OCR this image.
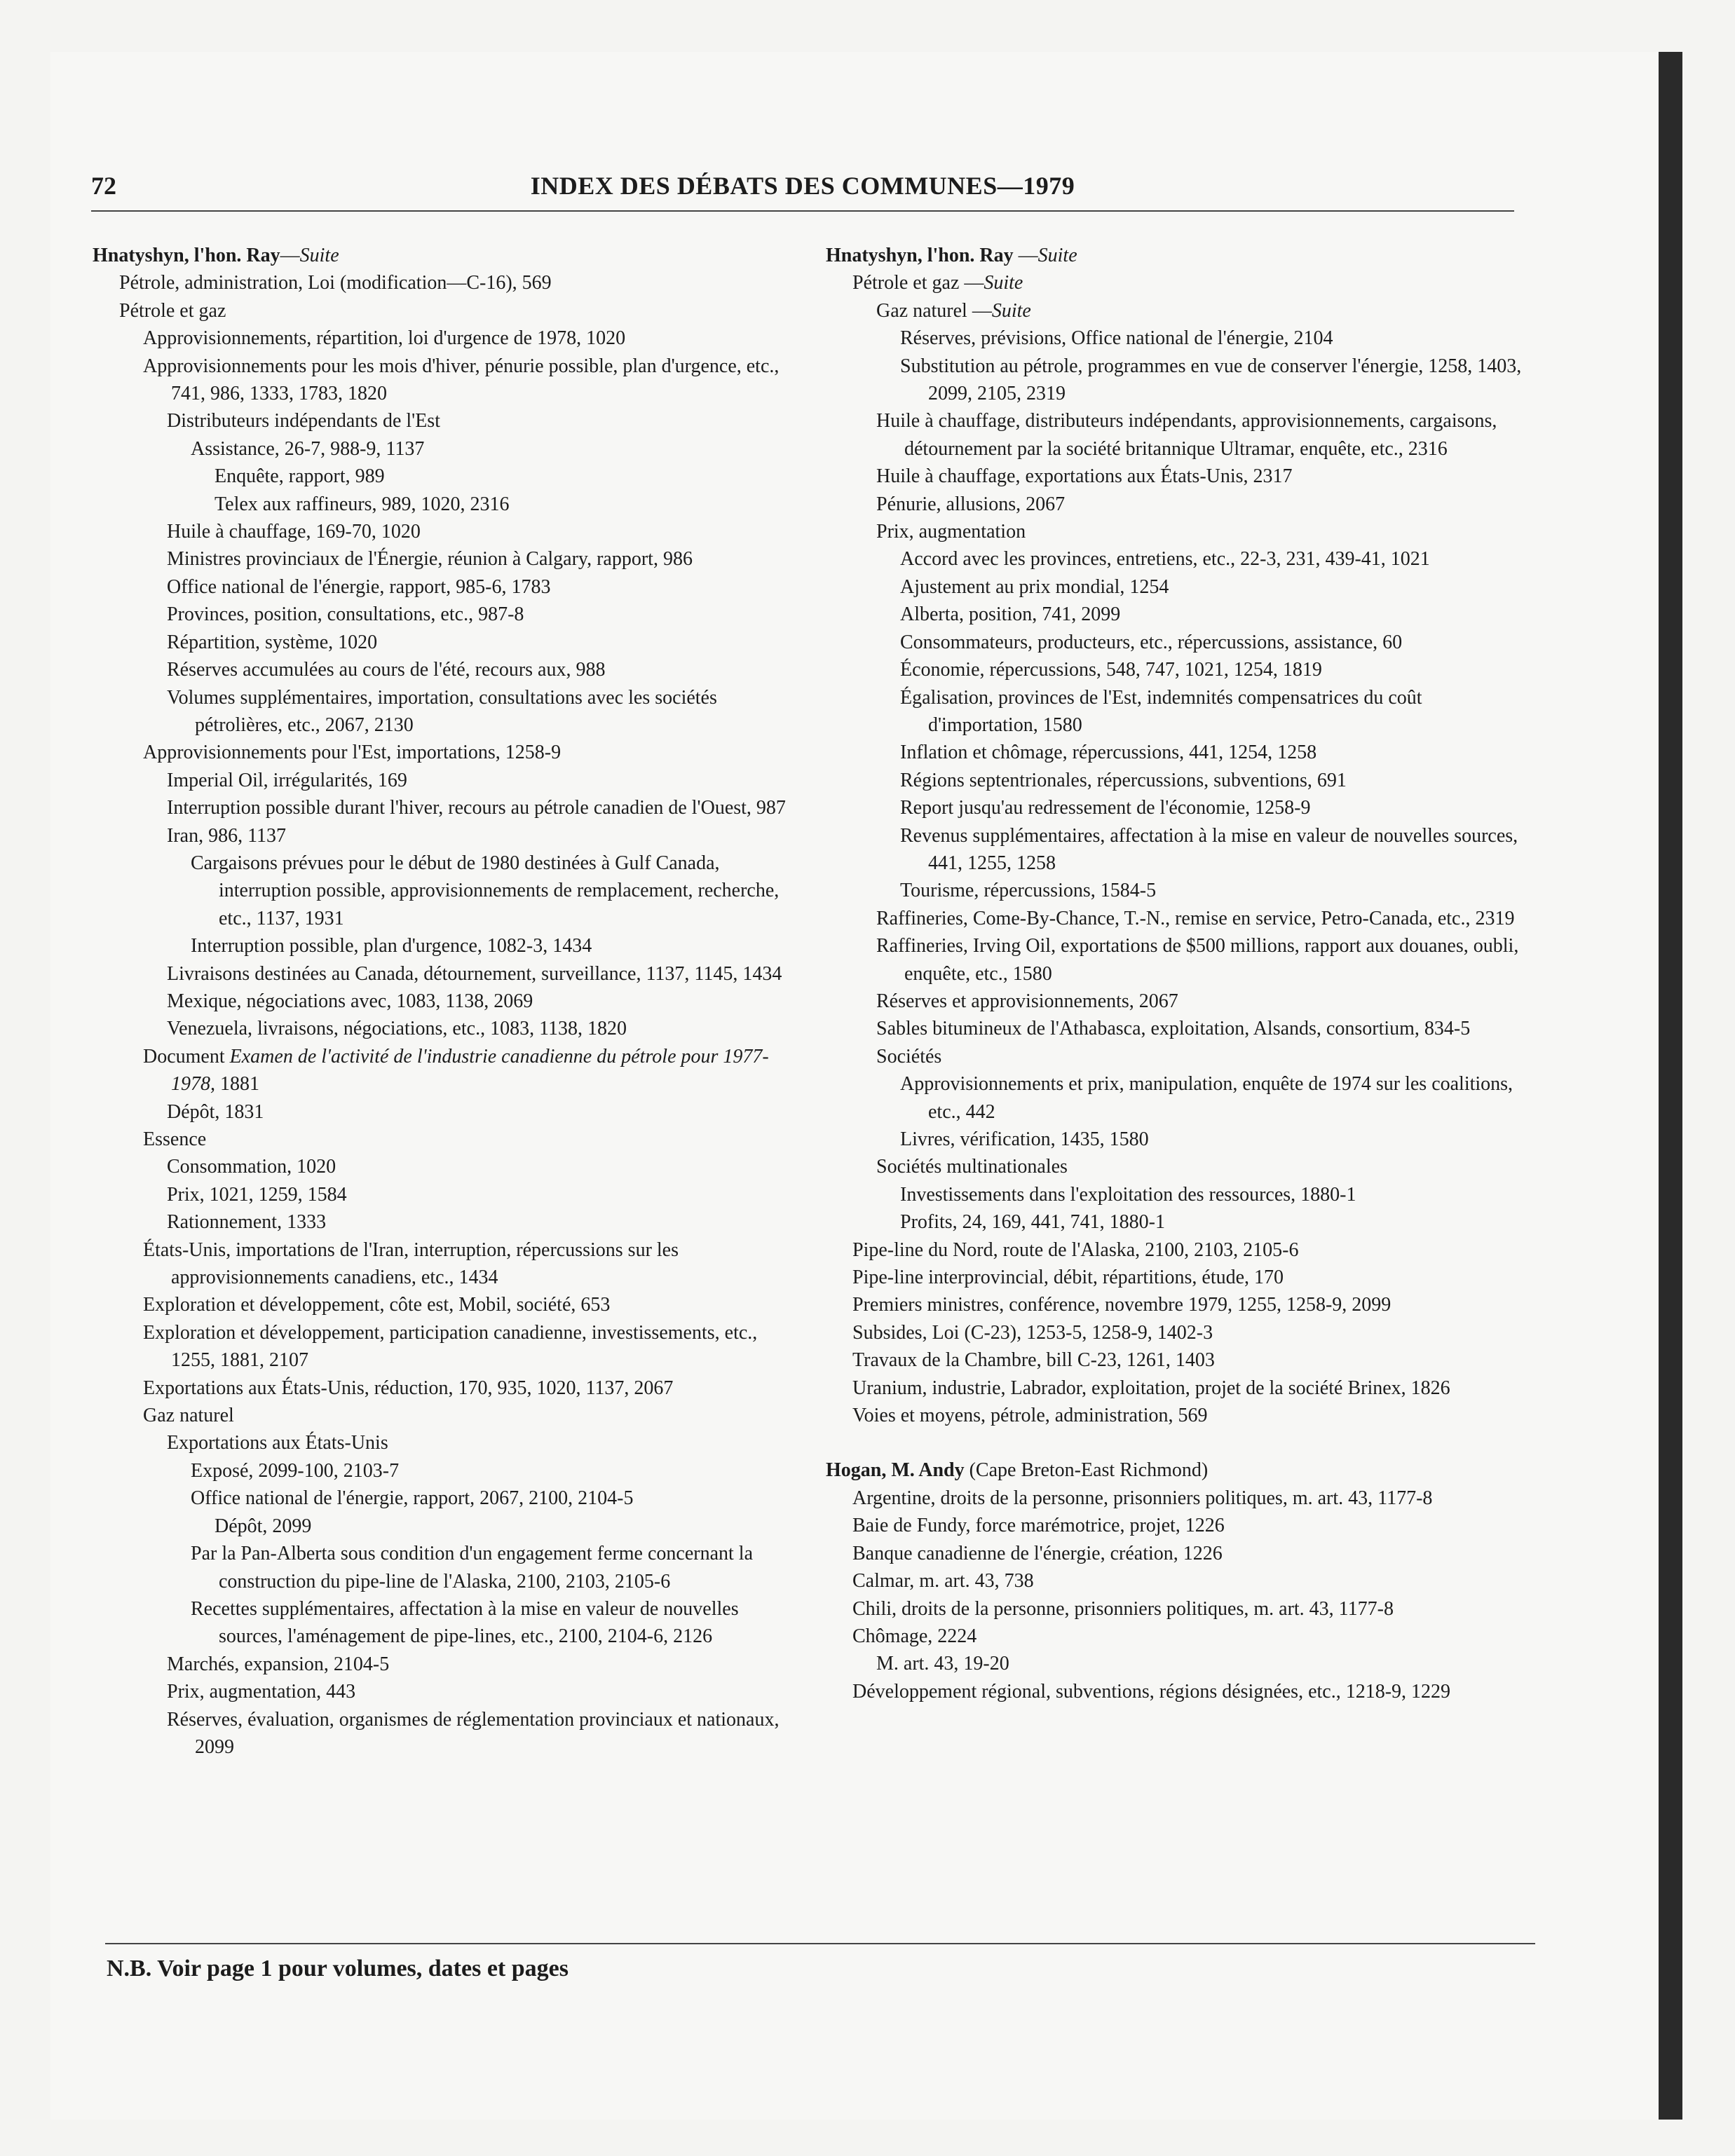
72	INDEX DES DÉBATS DES COMMUNES—1979

Hnatyshyn, l'hon. Ray—Suite

Pétrole, administration, Loi (modification—C-16), 569

Pétrole et gaz

Approvisionnements, répartition, loi d'urgence de 1978, 1020

Approvisionnements pour les mois d'hiver, pénurie possible, plan d'urgence, etc., 741, 986, 1333, 1783, 1820

Distributeurs indépendants de l'Est

Assistance, 26-7, 988-9, 1137

Enquête, rapport, 989

Telex aux raffineurs, 989, 1020, 2316

Huile à chauffage, 169-70, 1020

Ministres provinciaux de l'Énergie, réunion à Calgary, rapport, 986

Office national de l'énergie, rapport, 985-6, 1783

Provinces, position, consultations, etc., 987-8

Répartition, système, 1020

Réserves accumulées au cours de l'été, recours aux, 988

Volumes supplémentaires, importation, consultations avec les sociétés pétrolières, etc., 2067, 2130

Approvisionnements pour l'Est, importations, 1258-9

Imperial Oil, irrégularités, 169

Interruption possible durant l'hiver, recours au pétrole canadien de l'Ouest, 987

Iran, 986, 1137

Cargaisons prévues pour le début de 1980 destinées à Gulf Canada, interruption possible, approvisionnements de remplacement, recherche, etc., 1137, 1931

Interruption possible, plan d'urgence, 1082-3, 1434

Livraisons destinées au Canada, détournement, surveillance, 1137, 1145, 1434

Mexique, négociations avec, 1083, 1138, 2069

Venezuela, livraisons, négociations, etc., 1083, 1138, 1820

Document Examen de l'activité de l'industrie canadienne du pétrole pour 1977-1978, 1881

Dépôt, 1831

Essence

Consommation, 1020

Prix, 1021, 1259, 1584

Rationnement, 1333

États-Unis, importations de l'Iran, interruption, répercussions sur les approvisionnements canadiens, etc., 1434

Exploration et développement, côte est, Mobil, société, 653

Exploration et développement, participation canadienne, investissements, etc., 1255, 1881, 2107

Exportations aux États-Unis, réduction, 170, 935, 1020, 1137, 2067

Gaz naturel

Exportations aux États-Unis

Exposé, 2099-100, 2103-7

Office national de l'énergie, rapport, 2067, 2100, 2104-5

Dépôt, 2099

Par la Pan-Alberta sous condition d'un engagement ferme concernant la construction du pipe-line de l'Alaska, 2100, 2103, 2105-6

Recettes supplémentaires, affectation à la mise en valeur de nouvelles sources, l'aménagement de pipe-lines, etc., 2100, 2104-6, 2126

Marchés, expansion, 2104-5

Prix, augmentation, 443

Réserves, évaluation, organismes de réglementation provinciaux et nationaux, 2099

Hnatyshyn, l'hon. Ray —Suite

Pétrole et gaz —Suite

Gaz naturel —Suite

Réserves, prévisions, Office national de l'énergie, 2104

Substitution au pétrole, programmes en vue de conserver l'énergie, 1258, 1403, 2099, 2105, 2319

Huile à chauffage, distributeurs indépendants, approvisionnements, cargaisons, détournement par la société britannique Ultramar, enquête, etc., 2316

Huile à chauffage, exportations aux États-Unis, 2317

Pénurie, allusions, 2067

Prix, augmentation

Accord avec les provinces, entretiens, etc., 22-3, 231, 439-41, 1021

Ajustement au prix mondial, 1254

Alberta, position, 741, 2099

Consommateurs, producteurs, etc., répercussions, assistance, 60

Économie, répercussions, 548, 747, 1021, 1254, 1819

Égalisation, provinces de l'Est, indemnités compensatrices du coût d'importation, 1580

Inflation et chômage, répercussions, 441, 1254, 1258

Régions septentrionales, répercussions, subventions, 691

Report jusqu'au redressement de l'économie, 1258-9

Revenus supplémentaires, affectation à la mise en valeur de nouvelles sources, 441, 1255, 1258

Tourisme, répercussions, 1584-5

Raffineries, Come-By-Chance, T.-N., remise en service, Petro-Canada, etc., 2319

Raffineries, Irving Oil, exportations de $500 millions, rapport aux douanes, oubli, enquête, etc., 1580

Réserves et approvisionnements, 2067

Sables bitumineux de l'Athabasca, exploitation, Alsands, consortium, 834-5

Sociétés

Approvisionnements et prix, manipulation, enquête de 1974 sur les coalitions, etc., 442

Livres, vérification, 1435, 1580

Sociétés multinationales

Investissements dans l'exploitation des ressources, 1880-1

Profits, 24, 169, 441, 741, 1880-1

Pipe-line du Nord, route de l'Alaska, 2100, 2103, 2105-6

Pipe-line interprovincial, débit, répartitions, étude, 170

Premiers ministres, conférence, novembre 1979, 1255, 1258-9, 2099

Subsides, Loi (C-23), 1253-5, 1258-9, 1402-3

Travaux de la Chambre, bill C-23, 1261, 1403

Uranium, industrie, Labrador, exploitation, projet de la société Brinex, 1826

Voies et moyens, pétrole, administration, 569

Hogan, M. Andy (Cape Breton-East Richmond)

Argentine, droits de la personne, prisonniers politiques, m. art. 43, 1177-8

Baie de Fundy, force marémotrice, projet, 1226

Banque canadienne de l'énergie, création, 1226

Calmar, m. art. 43, 738

Chili, droits de la personne, prisonniers politiques, m. art. 43, 1177-8

Chômage, 2224

M. art. 43, 19-20

Développement régional, subventions, régions désignées, etc., 1218-9, 1229

N.B. Voir page 1 pour volumes, dates et pages
